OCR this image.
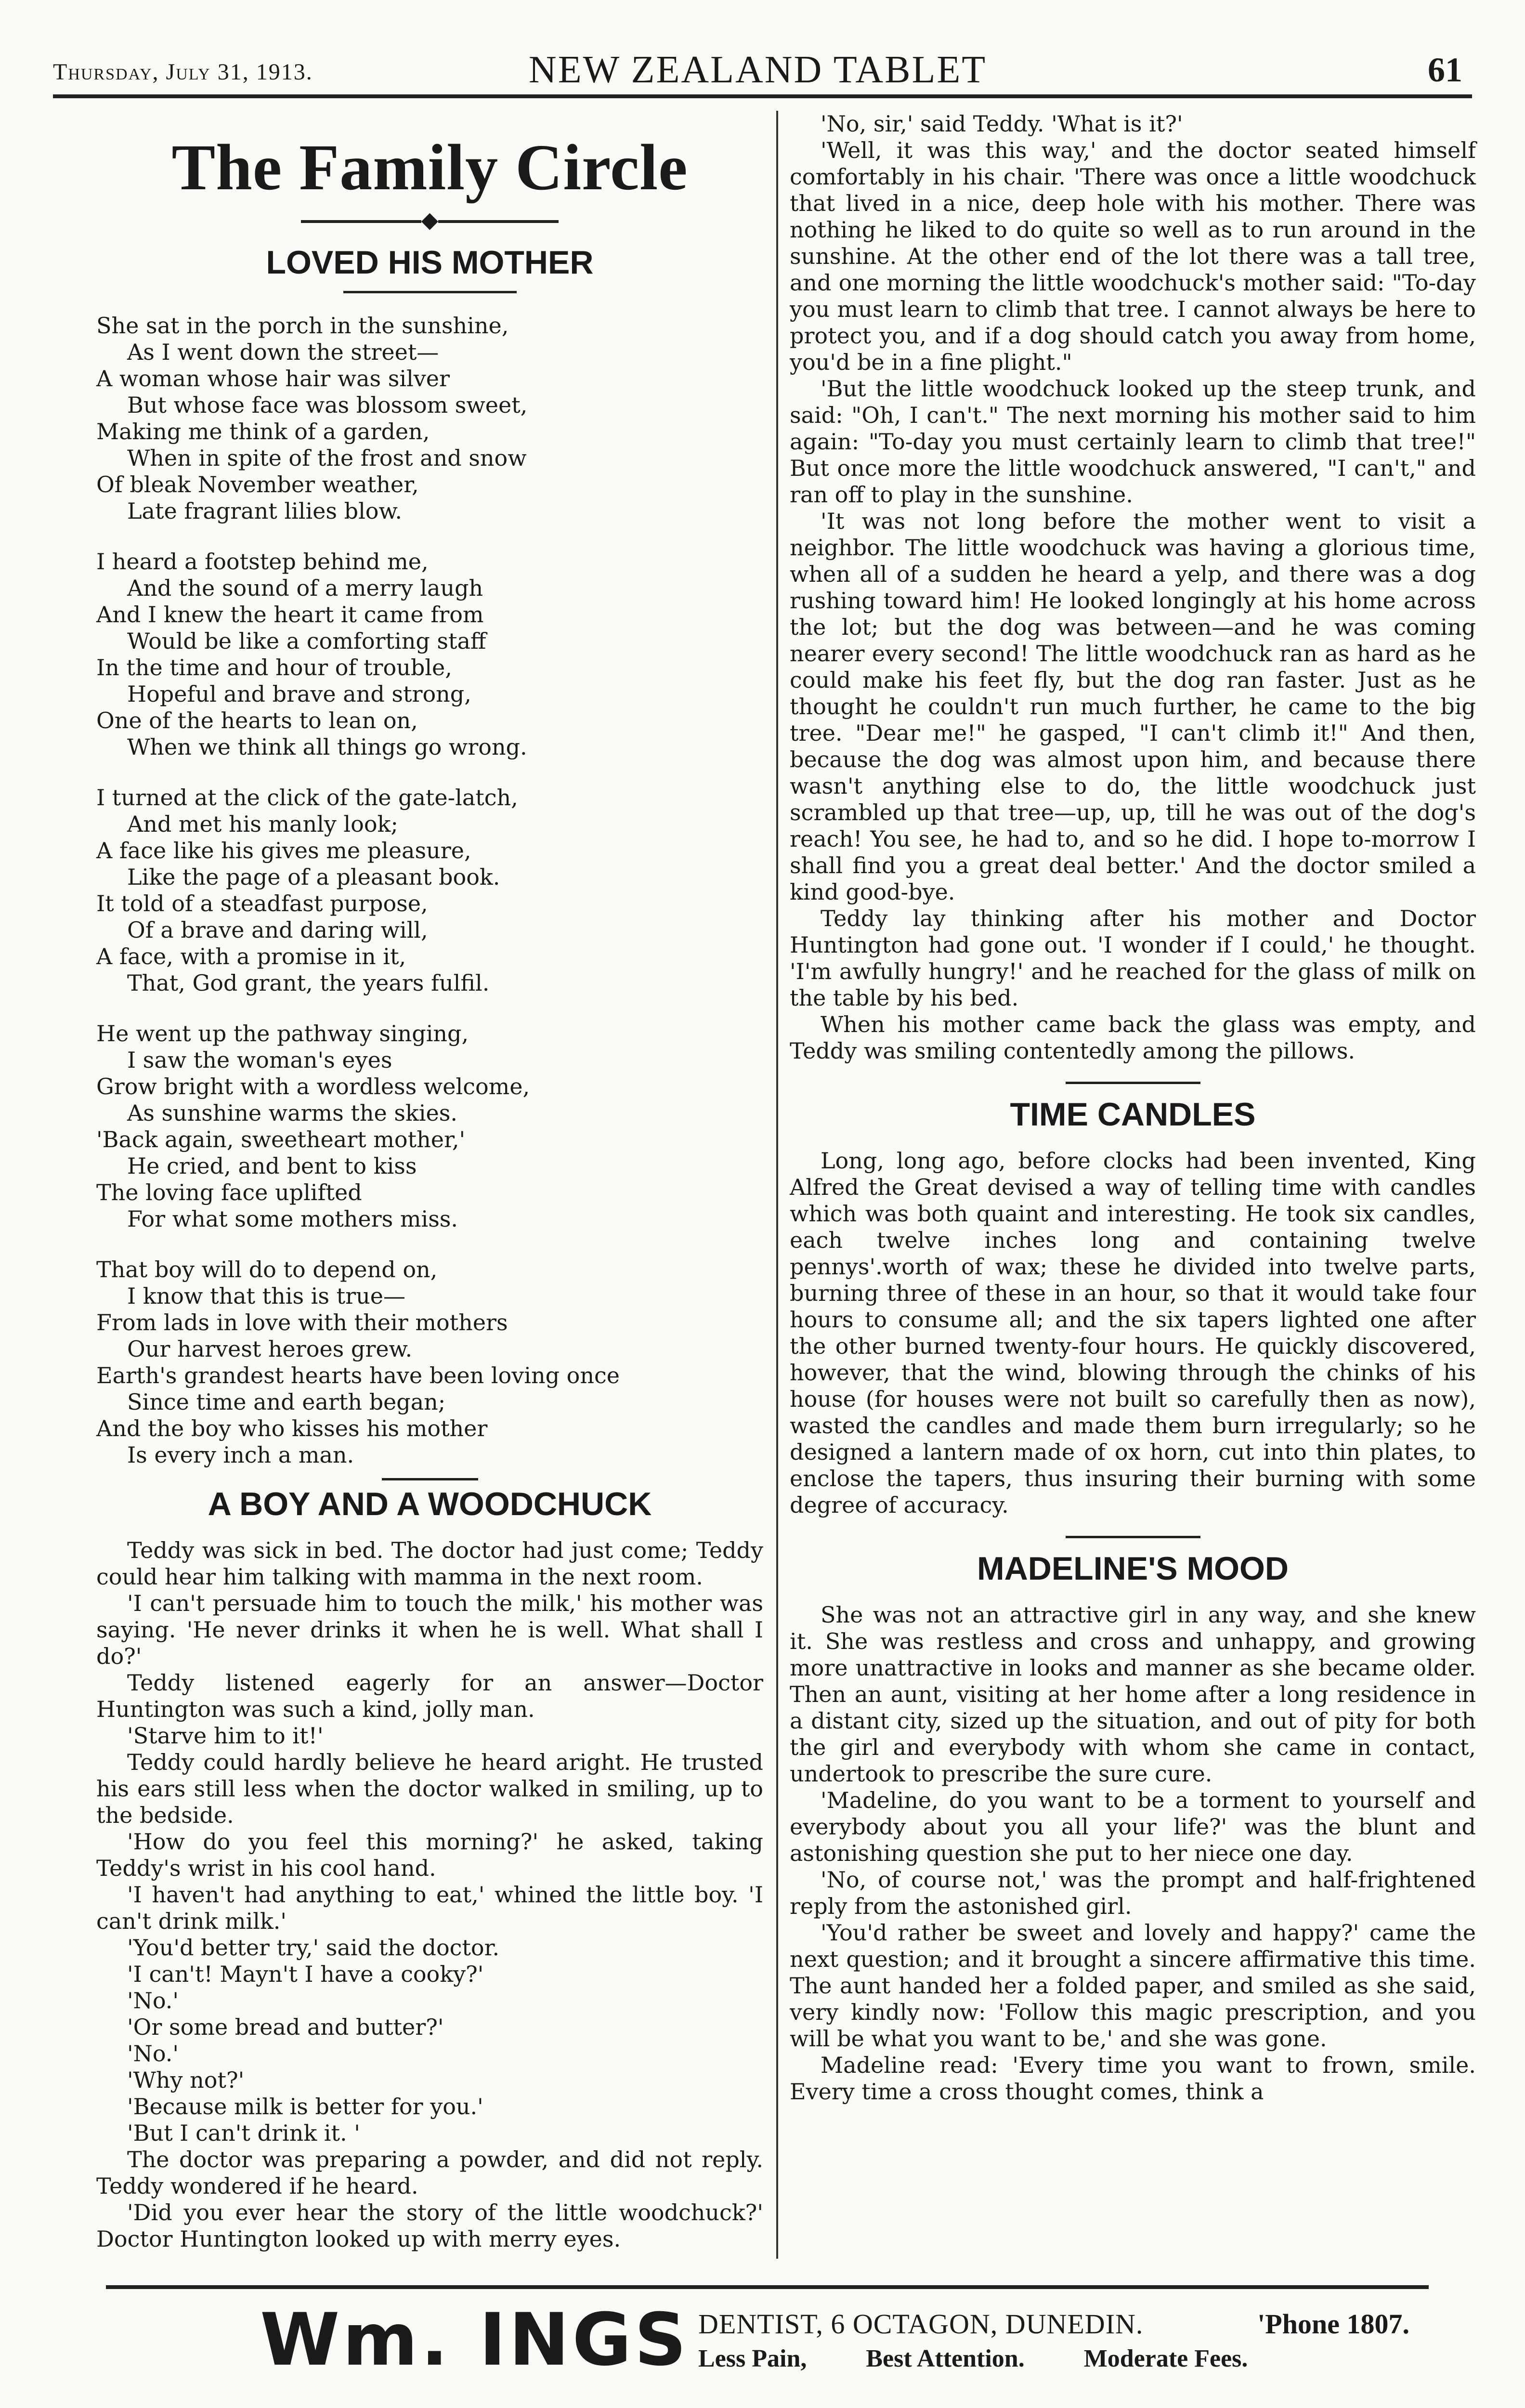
Thursday, July 31, 1913.	NEW ZEALAND TABLET	61
The Family Circle
◆
LOVED HIS MOTHER
She sat in the porch in the sunshine,
As I went down the street—
A woman whose hair was silver
But whose face was blossom sweet,
Making me think of a garden,
When in spite of the frost and snow
Of bleak November weather,
Late fragrant lilies blow.
I heard a footstep behind me,
And the sound of a merry laugh
And I knew the heart it came from
Would be like a comforting staff
In the time and hour of trouble,
Hopeful and brave and strong,
One of the hearts to lean on,
When we think all things go wrong.
I turned at the click of the gate-latch,
And met his manly look;
A face like his gives me pleasure,
Like the page of a pleasant book.
It told of a steadfast purpose,
Of a brave and daring will,
A face, with a promise in it,
That, God grant, the years fulfil.
He went up the pathway singing,
I saw the woman's eyes
Grow bright with a wordless welcome,
As sunshine warms the skies.
'Back again, sweetheart mother,'
He cried, and bent to kiss
The loving face uplifted
For what some mothers miss.
That boy will do to depend on,
I know that this is true—
From lads in love with their mothers
Our harvest heroes grew.
Earth's grandest hearts have been loving once
Since time and earth began;
And the boy who kisses his mother
Is every inch a man.
A BOY AND A WOODCHUCK

Teddy was sick in bed. The doctor had just come; Teddy could hear him talking with mamma in the next room.

'I can't persuade him to touch the milk,' his mother was saying. 'He never drinks it when he is well. What shall I do?'

Teddy listened eagerly for an answer—Doctor Huntington was such a kind, jolly man.

'Starve him to it!'

Teddy could hardly believe he heard aright. He trusted his ears still less when the doctor walked in smiling, up to the bedside.

'How do you feel this morning?' he asked, taking Teddy's wrist in his cool hand.

'I haven't had anything to eat,' whined the little boy. 'I can't drink milk.'

'You'd better try,' said the doctor.

'I can't! Mayn't I have a cooky?'

'No.'

'Or some bread and butter?'

'No.'

'Why not?'

'Because milk is better for you.'

'But I can't drink it. '

The doctor was preparing a powder, and did not reply. Teddy wondered if he heard.

'Did you ever hear the story of the little woodchuck?' Doctor Huntington looked up with merry eyes.

'No, sir,' said Teddy. 'What is it?'

'Well, it was this way,' and the doctor seated himself comfortably in his chair. 'There was once a little woodchuck that lived in a nice, deep hole with his mother. There was nothing he liked to do quite so well as to run around in the sunshine. At the other end of the lot there was a tall tree, and one morning the little woodchuck's mother said: "To-day you must learn to climb that tree. I cannot always be here to protect you, and if a dog should catch you away from home, you'd be in a fine plight."

'But the little woodchuck looked up the steep trunk, and said: "Oh, I can't." The next morning his mother said to him again: "To-day you must certainly learn to climb that tree!" But once more the little woodchuck answered, "I can't," and ran off to play in the sunshine.

'It was not long before the mother went to visit a neighbor. The little woodchuck was having a glorious time, when all of a sudden he heard a yelp, and there was a dog rushing toward him! He looked longingly at his home across the lot; but the dog was between—and he was coming nearer every second! The little woodchuck ran as hard as he could make his feet fly, but the dog ran faster. Just as he thought he couldn't run much further, he came to the big tree. "Dear me!" he gasped, "I can't climb it!" And then, because the dog was almost upon him, and because there wasn't anything else to do, the little woodchuck just scrambled up that tree—up, up, till he was out of the dog's reach! You see, he had to, and so he did. I hope to-morrow I shall find you a great deal better.' And the doctor smiled a kind good-bye.

Teddy lay thinking after his mother and Doctor Huntington had gone out. 'I wonder if I could,' he thought. 'I'm awfully hungry!' and he reached for the glass of milk on the table by his bed.

When his mother came back the glass was empty, and Teddy was smiling contentedly among the pillows.

TIME CANDLES

Long, long ago, before clocks had been invented, King Alfred the Great devised a way of telling time with candles which was both quaint and interesting. He took six candles, each twelve inches long and containing twelve pennys'.worth of wax; these he divided into twelve parts, burning three of these in an hour, so that it would take four hours to consume all; and the six tapers lighted one after the other burned twenty-four hours. He quickly discovered, however, that the wind, blowing through the chinks of his house (for houses were not built so carefully then as now), wasted the candles and made them burn irregularly; so he designed a lantern made of ox horn, cut into thin plates, to enclose the tapers, thus insuring their burning with some degree of accuracy.

MADELINE'S MOOD

She was not an attractive girl in any way, and she knew it. She was restless and cross and unhappy, and growing more unattractive in looks and manner as she became older. Then an aunt, visiting at her home after a long residence in a distant city, sized up the situation, and out of pity for both the girl and everybody with whom she came in contact, undertook to prescribe the sure cure.

'Madeline, do you want to be a torment to yourself and everybody about you all your life?' was the blunt and astonishing question she put to her niece one day.

'No, of course not,' was the prompt and half-frightened reply from the astonished girl.

'You'd rather be sweet and lovely and happy?' came the next question; and it brought a sincere affirmative this time. The aunt handed her a folded paper, and smiled as she said, very kindly now: 'Follow this magic prescription, and you will be what you want to be,' and she was gone.

Madeline read: 'Every time you want to frown, smile. Every time a cross thought comes, think a

Wm. INGS DENTIST, 6 OCTAGON, DUNEDIN.	'Phone 1807.
Less Pain, Best Attention. Moderate Fees.
